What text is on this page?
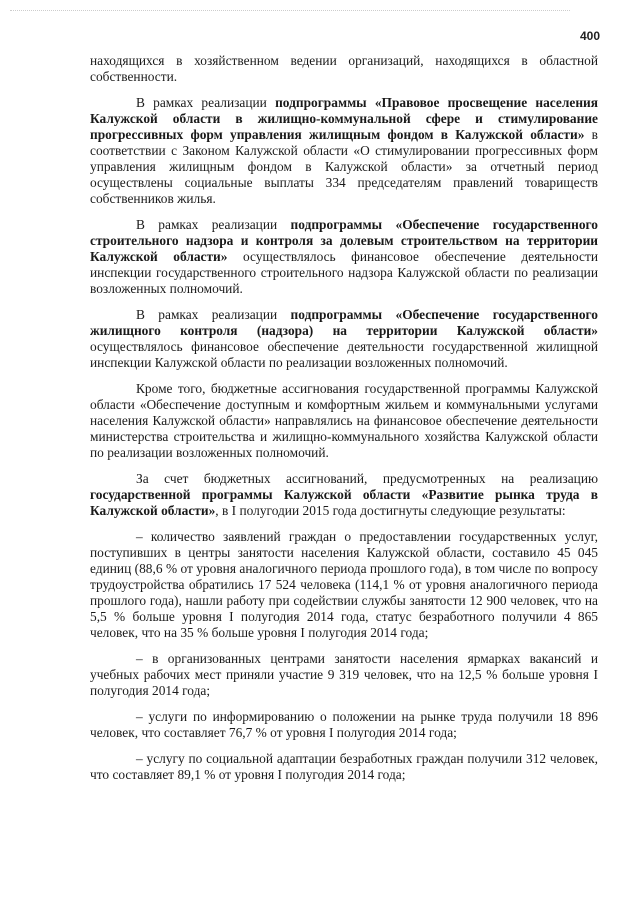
400

находящихся в хозяйственном ведении организаций, находящихся в областной собственности.

В рамках реализации подпрограммы «Правовое просвещение населения Калужской области в жилищно-коммунальной сфере и стимулирование прогрессивных форм управления жилищным фондом в Калужской области» в соответствии с Законом Калужской области «О стимулировании прогрессивных форм управления жилищным фондом в Калужской области» за отчетный период осуществлены социальные выплаты 334 председателям правлений товариществ собственников жилья.

В рамках реализации подпрограммы «Обеспечение государственного строительного надзора и контроля за долевым строительством на территории Калужской области» осуществлялось финансовое обеспечение деятельности инспекции государственного строительного надзора Калужской области по реализации возложенных полномочий.

В рамках реализации подпрограммы «Обеспечение государственного жилищного контроля (надзора) на территории Калужской области» осуществлялось финансовое обеспечение деятельности государственной жилищной инспекции Калужской области по реализации возложенных полномочий.

Кроме того, бюджетные ассигнования государственной программы Калужской области «Обеспечение доступным и комфортным жильем и коммунальными услугами населения Калужской области» направлялись на финансовое обеспечение деятельности министерства строительства и жилищно-коммунального хозяйства Калужской области по реализации возложенных полномочий.

За счет бюджетных ассигнований, предусмотренных на реализацию государственной программы Калужской области «Развитие рынка труда в Калужской области», в I полугодии 2015 года достигнуты следующие результаты:

– количество заявлений граждан о предоставлении государственных услуг, поступивших в центры занятости населения Калужской области, составило 45 045 единиц (88,6 % от уровня аналогичного периода прошлого года), в том числе по вопросу трудоустройства обратились 17 524 человека (114,1 % от уровня аналогичного периода прошлого года), нашли работу при содействии службы занятости 12 900 человек, что на 5,5 % больше уровня I полугодия 2014 года, статус безработного получили 4 865 человек, что на 35 % больше уровня I полугодия 2014 года;

– в организованных центрами занятости населения ярмарках вакансий и учебных рабочих мест приняли участие 9 319 человек, что на 12,5 % больше уровня I полугодия 2014 года;

– услуги по информированию о положении на рынке труда получили 18 896 человек, что составляет 76,7 % от уровня I полугодия 2014 года;

– услугу по социальной адаптации безработных граждан получили 312 человек, что составляет 89,1 % от уровня I полугодия 2014 года;
